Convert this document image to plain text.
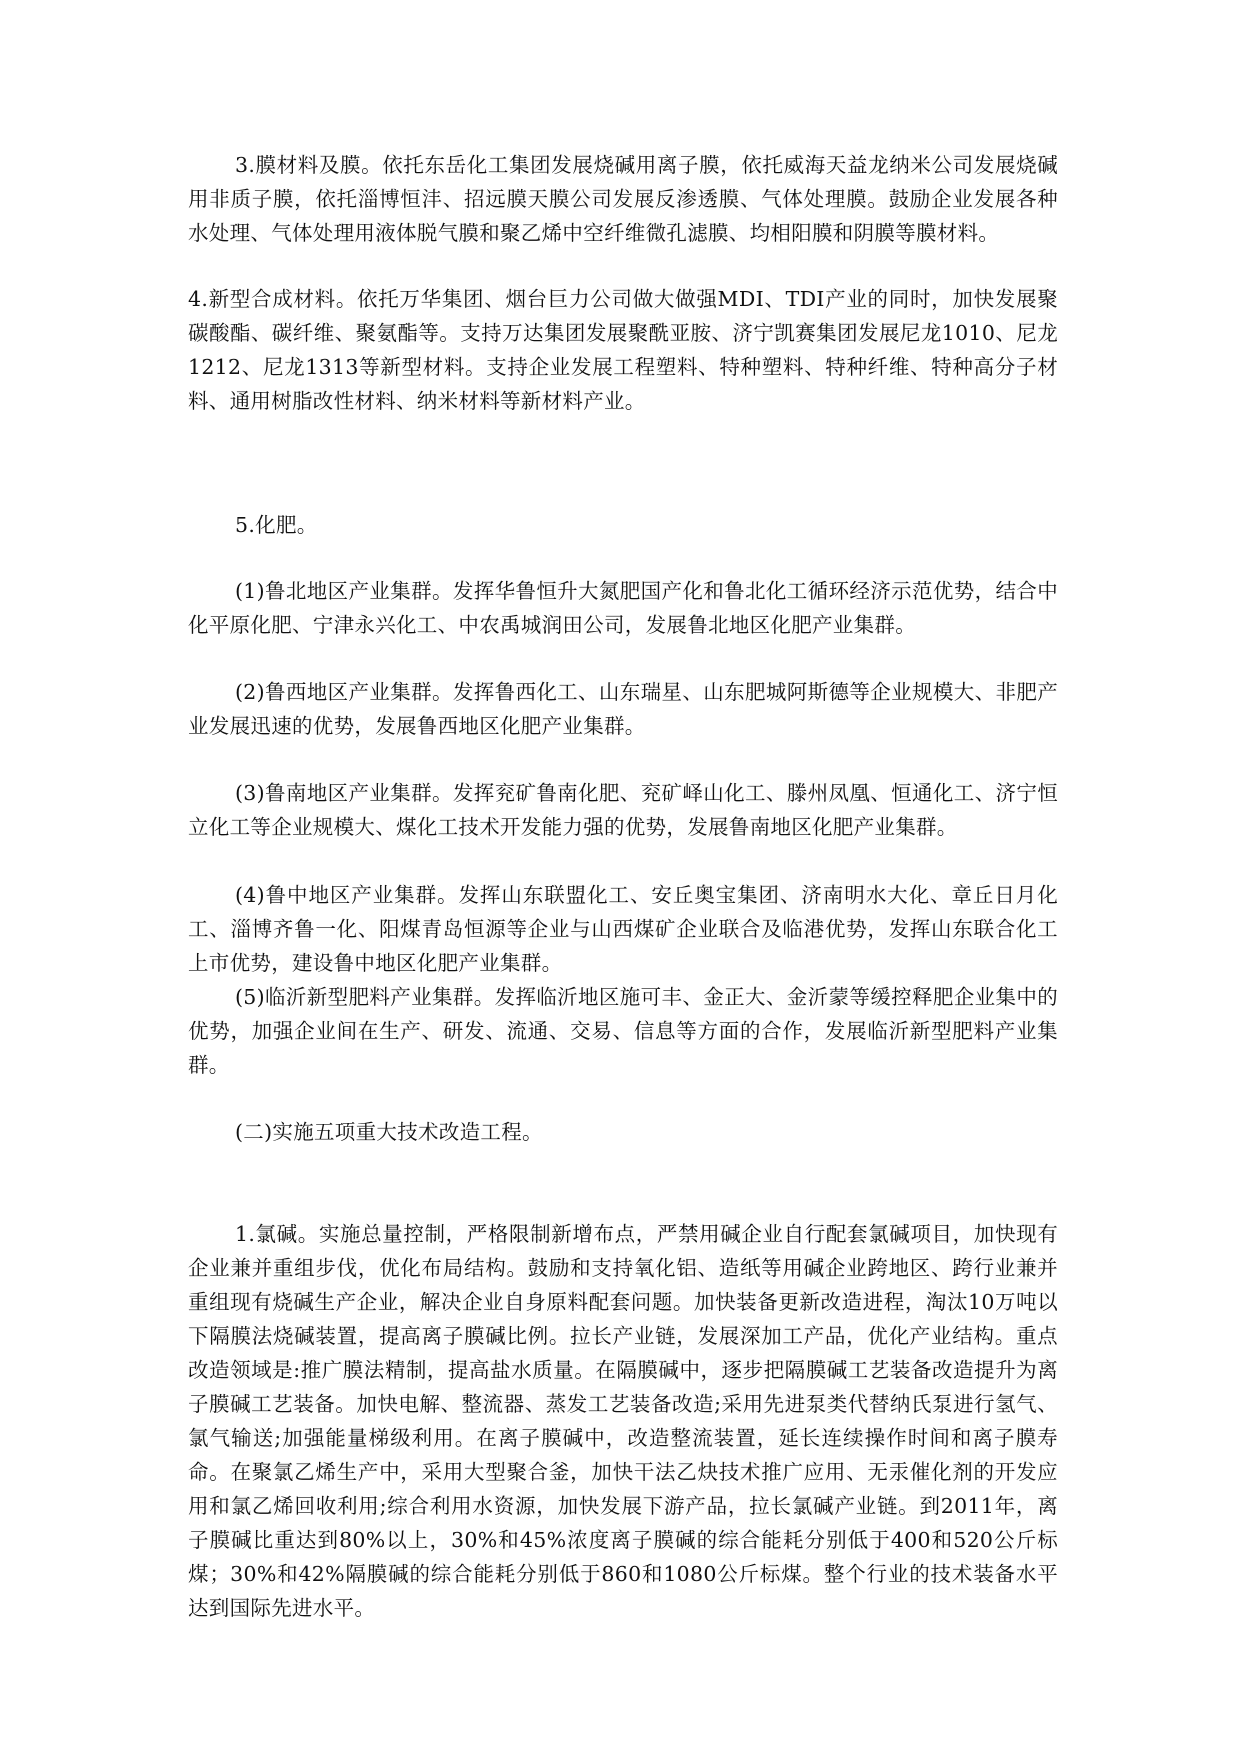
3.膜材料及膜。依托东岳化工集团发展烧碱用离子膜，依托威海天益龙纳米公司发展烧碱用非质子膜，依托淄博恒沣、招远膜天膜公司发展反渗透膜、气体处理膜。鼓励企业发展各种水处理、气体处理用液体脱气膜和聚乙烯中空纤维微孔滤膜、均相阳膜和阴膜等膜材料。

4.新型合成材料。依托万华集团、烟台巨力公司做大做强MDI、TDI产业的同时，加快发展聚碳酸酯、碳纤维、聚氨酯等。支持万达集团发展聚酰亚胺、济宁凯赛集团发展尼龙1010、尼龙1212、尼龙1313等新型材料。支持企业发展工程塑料、特种塑料、特种纤维、特种高分子材料、通用树脂改性材料、纳米材料等新材料产业。

5.化肥。

(1)鲁北地区产业集群。发挥华鲁恒升大氮肥国产化和鲁北化工循环经济示范优势，结合中化平原化肥、宁津永兴化工、中农禹城润田公司，发展鲁北地区化肥产业集群。

(2)鲁西地区产业集群。发挥鲁西化工、山东瑞星、山东肥城阿斯德等企业规模大、非肥产业发展迅速的优势，发展鲁西地区化肥产业集群。

(3)鲁南地区产业集群。发挥兖矿鲁南化肥、兖矿峄山化工、滕州凤凰、恒通化工、济宁恒立化工等企业规模大、煤化工技术开发能力强的优势，发展鲁南地区化肥产业集群。

(4)鲁中地区产业集群。发挥山东联盟化工、安丘奥宝集团、济南明水大化、章丘日月化工、淄博齐鲁一化、阳煤青岛恒源等企业与山西煤矿企业联合及临港优势，发挥山东联合化工上市优势，建设鲁中地区化肥产业集群。

(5)临沂新型肥料产业集群。发挥临沂地区施可丰、金正大、金沂蒙等缓控释肥企业集中的优势，加强企业间在生产、研发、流通、交易、信息等方面的合作，发展临沂新型肥料产业集群。

(二)实施五项重大技术改造工程。

1.氯碱。实施总量控制，严格限制新增布点，严禁用碱企业自行配套氯碱项目，加快现有企业兼并重组步伐，优化布局结构。鼓励和支持氧化铝、造纸等用碱企业跨地区、跨行业兼并重组现有烧碱生产企业，解决企业自身原料配套问题。加快装备更新改造进程，淘汰10万吨以下隔膜法烧碱装置，提高离子膜碱比例。拉长产业链，发展深加工产品，优化产业结构。重点改造领域是:推广膜法精制，提高盐水质量。在隔膜碱中，逐步把隔膜碱工艺装备改造提升为离子膜碱工艺装备。加快电解、整流器、蒸发工艺装备改造;采用先进泵类代替纳氏泵进行氢气、氯气输送;加强能量梯级利用。在离子膜碱中，改造整流装置，延长连续操作时间和离子膜寿命。在聚氯乙烯生产中，采用大型聚合釜，加快干法乙炔技术推广应用、无汞催化剂的开发应用和氯乙烯回收利用;综合利用水资源，加快发展下游产品，拉长氯碱产业链。到2011年，离子膜碱比重达到80%以上，30%和45%浓度离子膜碱的综合能耗分别低于400和520公斤标煤；30%和42%隔膜碱的综合能耗分别低于860和1080公斤标煤。整个行业的技术装备水平达到国际先进水平。
